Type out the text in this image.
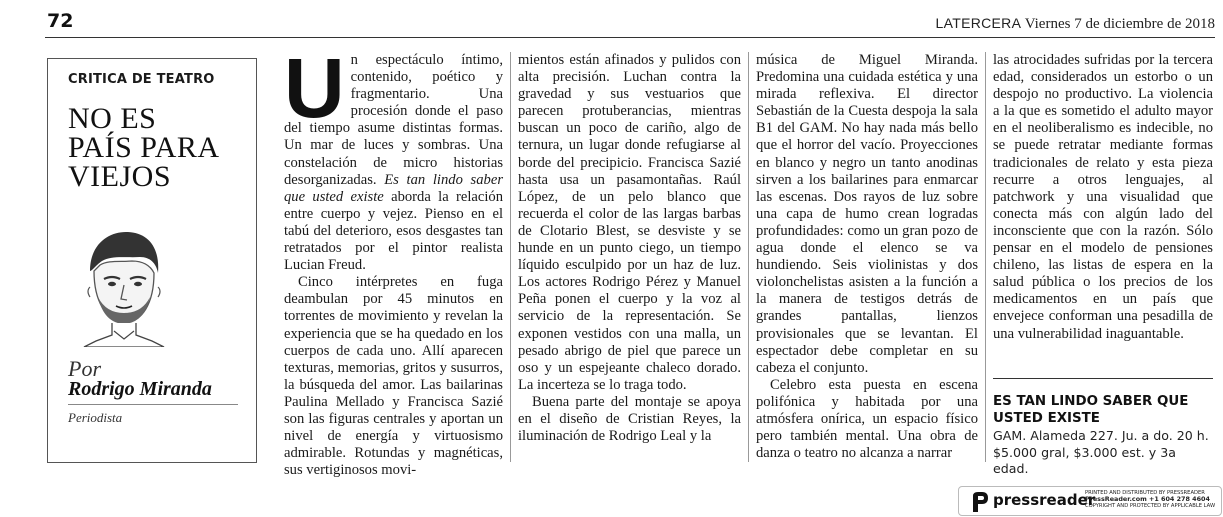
72	LATERCERA Viernes 7 de diciembre de 2018
CRITICA DE TEATRO
NO ES
PAÍS PARA
VIEJOS
Por
Rodrigo Miranda
Periodista

Un espectáculo íntimo, contenido, poético y fragmentario. Una procesión donde el paso del tiempo asume distintas formas. Un mar de luces y sombras. Una constelación de micro historias desorganizadas. Es tan lindo saber que usted existe aborda la relación entre cuerpo y vejez. Pienso en el tabú del deterioro, esos desgastes tan retratados por el pintor realista Lucian Freud.

Cinco intérpretes en fuga deambulan por 45 minutos en torrentes de movimiento y revelan la experiencia que se ha quedado en los cuerpos de cada uno. Allí aparecen texturas, memorias, gritos y susurros, la búsqueda del amor. Las bailarinas Paulina Mellado y Francisca Sazié son las figuras centrales y aportan un nivel de energía y virtuosismo admirable. Rotundas y magnéticas, sus vertiginosos movi-

mientos están afinados y pulidos con alta precisión. Luchan contra la gravedad y sus vestuarios que parecen protuberancias, mientras buscan un poco de cariño, algo de ternura, un lugar donde refugiarse al borde del precipicio. Francisca Sazié hasta usa un pasamontañas. Raúl López, de un pelo blanco que recuerda el color de las largas barbas de Clotario Blest, se desviste y se hunde en un punto ciego, un tiempo líquido esculpido por un haz de luz. Los actores Rodrigo Pérez y Manuel Peña ponen el cuerpo y la voz al servicio de la representación. Se exponen vestidos con una malla, un pesado abrigo de piel que parece un oso y un espejeante chaleco dorado. La incerteza se lo traga todo.

Buena parte del montaje se apoya en el diseño de Cristian Reyes, la iluminación de Rodrigo Leal y la

música de Miguel Miranda. Predomina una cuidada estética y una mirada reflexiva. El director Sebastián de la Cuesta despoja la sala B1 del GAM. No hay nada más bello que el horror del vacío. Proyecciones en blanco y negro un tanto anodinas sirven a los bailarines para enmarcar las escenas. Dos rayos de luz sobre una capa de humo crean logradas profundidades: como un gran pozo de agua donde el elenco se va hundiendo. Seis violinistas y dos violonchelistas asisten a la función a la manera de testigos detrás de grandes pantallas, lienzos provisionales que se levantan. El espectador debe completar en su cabeza el conjunto.

Celebro esta puesta en escena polifónica y habitada por una atmósfera onírica, un espacio físico pero también mental. Una obra de danza o teatro no alcanza a narrar

las atrocidades sufridas por la tercera edad, considerados un estorbo o un despojo no productivo. La violencia a la que es sometido el adulto mayor en el neoliberalismo es indecible, no se puede retratar mediante formas tradicionales de relato y esta pieza recurre a otros lenguajes, al patchwork y una visualidad que conecta más con algún lado del inconsciente que con la razón. Sólo pensar en el modelo de pensiones chileno, las listas de espera en la salud pública o los precios de los medicamentos en un país que envejece conforman una pesadilla de una vulnerabilidad inaguantable.

ES TAN LINDO SABER QUE USTED EXISTE
GAM. Alameda 227. Ju. a do. 20 h. $5.000 gral, $3.000 est. y 3a edad.
pressreader
PRINTED AND DISTRIBUTED BY PRESSREADER
PressReader.com +1 604 278 4604
COPYRIGHT AND PROTECTED BY APPLICABLE LAW
